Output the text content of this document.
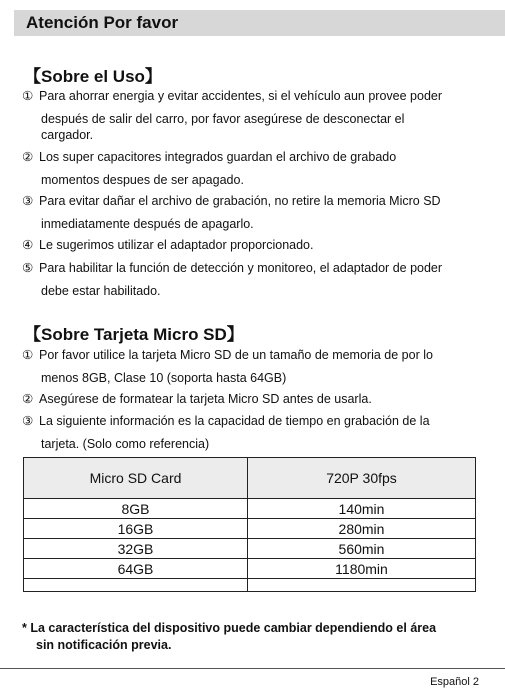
Atención Por favor
【Sobre el Uso】
① Para ahorrar energia y evitar accidentes, si el vehículo aun provee poder
después de salir del carro, por favor asegúrese de desconectar el
cargador.
② Los super capacitores integrados guardan el archivo de grabado
momentos despues de ser apagado.
③ Para evitar dañar el archivo de grabación, no retire la memoria Micro SD
inmediatamente después de apagarlo.
④ Le sugerimos utilizar el adaptador proporcionado.
⑤ Para habilitar la función de detección y monitoreo, el adaptador de poder
debe estar habilitado.
【Sobre Tarjeta Micro SD】
① Por favor utilice la tarjeta Micro SD de un tamaño de memoria de por lo
menos 8GB, Clase 10 (soporta hasta 64GB)
② Asegúrese de formatear la tarjeta Micro SD antes de usarla.
③ La siguiente información es la capacidad de tiempo en grabación de la
tarjeta. (Solo como referencia)
Micro SD Card	720P 30fps
8GB	140min
16GB	280min
32GB	560min
64GB	1180min
* La característica del dispositivo puede cambiar dependiendo el área
sin notificación previa.
Español 2
